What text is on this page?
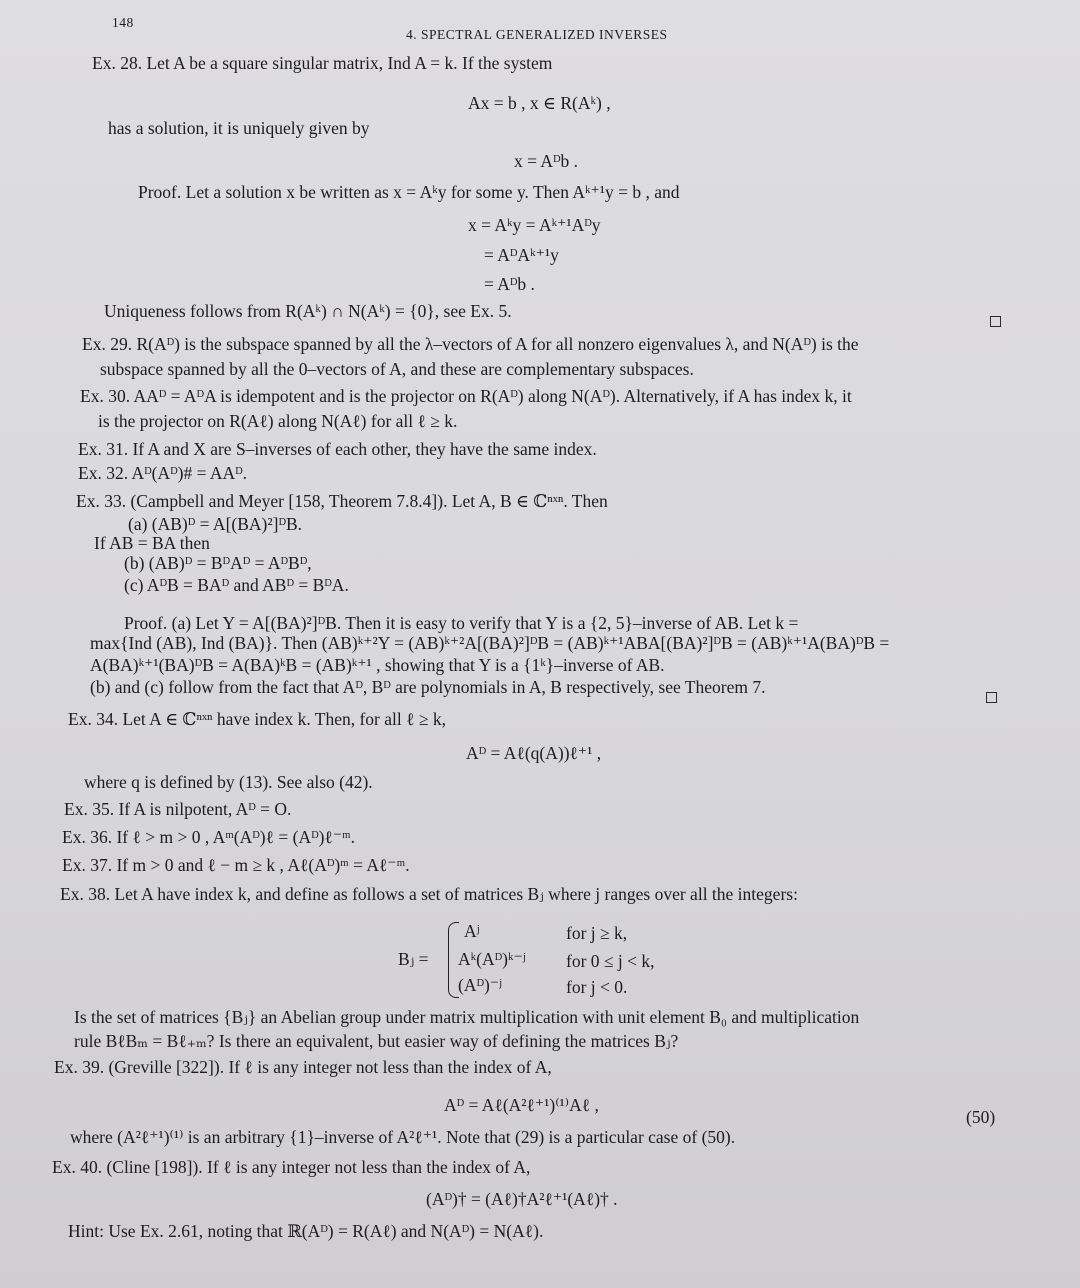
148
4. SPECTRAL GENERALIZED INVERSES
Ex. 28. Let A be a square singular matrix, Ind A = k. If the system
Ax = b , x ∈ R(Aᵏ) ,
has a solution, it is uniquely given by
x = Aᴰb .
Proof. Let a solution x be written as x = Aᵏy for some y. Then Aᵏ⁺¹y = b , and
x = Aᵏy = Aᵏ⁺¹Aᴰy
= AᴰAᵏ⁺¹y
= Aᴰb .
Uniqueness follows from R(Aᵏ) ∩ N(Aᵏ) = {0}, see Ex. 5.
Ex. 29. R(Aᴰ) is the subspace spanned by all the λ–vectors of A for all nonzero eigenvalues λ, and N(Aᴰ) is the
subspace spanned by all the 0–vectors of A, and these are complementary subspaces.
Ex. 30. AAᴰ = AᴰA is idempotent and is the projector on R(Aᴰ) along N(Aᴰ). Alternatively, if A has index k, it
is the projector on R(Aℓ) along N(Aℓ) for all ℓ ≥ k.
Ex. 31. If A and X are S–inverses of each other, they have the same index.
Ex. 32. Aᴰ(Aᴰ)# = AAᴰ.
Ex. 33. (Campbell and Meyer [158, Theorem 7.8.4]). Let A, B ∈ ℂⁿˣⁿ. Then
(a) (AB)ᴰ = A[(BA)²]ᴰB.
If AB = BA then
(b) (AB)ᴰ = BᴰAᴰ = AᴰBᴰ,
(c) AᴰB = BAᴰ and ABᴰ = BᴰA.
Proof. (a) Let Y = A[(BA)²]ᴰB. Then it is easy to verify that Y is a {2, 5}–inverse of AB. Let k =
max{Ind (AB), Ind (BA)}. Then (AB)ᵏ⁺²Y = (AB)ᵏ⁺²A[(BA)²]ᴰB = (AB)ᵏ⁺¹ABA[(BA)²]ᴰB = (AB)ᵏ⁺¹A(BA)ᴰB =
A(BA)ᵏ⁺¹(BA)ᴰB = A(BA)ᵏB = (AB)ᵏ⁺¹ , showing that Y is a {1ᵏ}–inverse of AB.
(b) and (c) follow from the fact that Aᴰ, Bᴰ are polynomials in A, B respectively, see Theorem 7.
Ex. 34. Let A ∈ ℂⁿˣⁿ have index k. Then, for all ℓ ≥ k,
Aᴰ = Aℓ(q(A))ℓ⁺¹ ,
where q is defined by (13). See also (42).
Ex. 35. If A is nilpotent, Aᴰ = O.
Ex. 36. If ℓ > m > 0 , Aᵐ(Aᴰ)ℓ = (Aᴰ)ℓ⁻ᵐ.
Ex. 37. If m > 0 and ℓ − m ≥ k , Aℓ(Aᴰ)ᵐ = Aℓ⁻ᵐ.
Ex. 38. Let A have index k, and define as follows a set of matrices Bⱼ where j ranges over all the integers:
Is the set of matrices {Bⱼ} an Abelian group under matrix multiplication with unit element B₀ and multiplication
rule BℓBₘ = Bℓ₊ₘ? Is there an equivalent, but easier way of defining the matrices Bⱼ?
Ex. 39. (Greville [322]). If ℓ is any integer not less than the index of A,
Aᴰ = Aℓ(A²ℓ⁺¹)⁽¹⁾Aℓ ,
where (A²ℓ⁺¹)⁽¹⁾ is an arbitrary {1}–inverse of A²ℓ⁺¹. Note that (29) is a particular case of (50).
Ex. 40. (Cline [198]). If ℓ is any integer not less than the index of A,
(Aᴰ)† = (Aℓ)†A²ℓ⁺¹(Aℓ)† .
Hint: Use Ex. 2.61, noting that ℝ(Aᴰ) = R(Aℓ) and N(Aᴰ) = N(Aℓ).
Bⱼ =
Aʲ	for j ≥ k,
Aᵏ(Aᴰ)ᵏ⁻ʲ for 0 ≤ j < k,
(Aᴰ)⁻ʲ	for j < 0.
(50)
